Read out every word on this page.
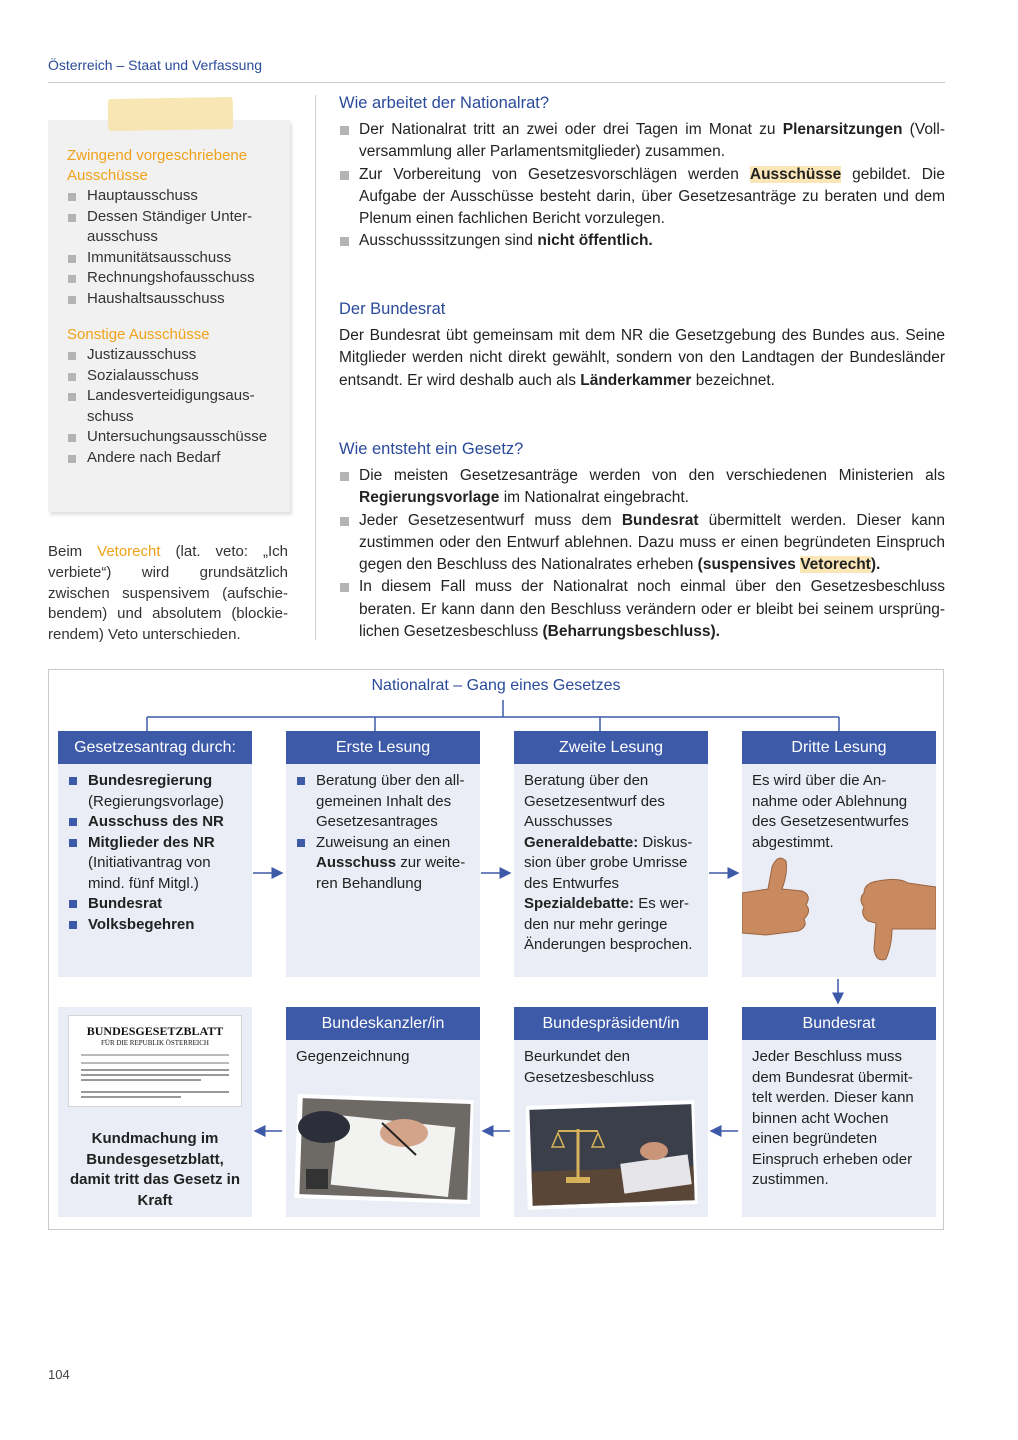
Österreich – Staat und Verfassung
Zwingend vorgeschriebene Ausschüsse
Hauptausschuss
Dessen Ständiger Unterausschuss
Immunitätsausschuss
Rechnungshofausschuss
Haushaltsausschuss
Sonstige Ausschüsse
Justizausschuss
Sozialausschuss
Landesverteidigungsausschuss
Untersuchungsausschüsse
Andere nach Bedarf
Beim Vetorecht (lat. veto: „Ich verbiete“) wird grundsätzlich zwischen suspensivem (aufschiebendem) und absolutem (blockierendem) Veto unterschieden.
Wie arbeitet der Nationalrat?
Der Nationalrat tritt an zwei oder drei Tagen im Monat zu Plenarsitzungen (Vollversammlung aller Parlamentsmitglieder) zusammen.
Zur Vorbereitung von Gesetzesvorschlägen werden Ausschüsse gebildet. Die Aufgabe der Ausschüsse besteht darin, über Gesetzesanträge zu beraten und dem Plenum einen fachlichen Bericht vorzulegen.
Ausschusssitzungen sind nicht öffentlich.
Der Bundesrat

Der Bundesrat übt gemeinsam mit dem NR die Gesetzgebung des Bundes aus. Seine Mitglieder werden nicht direkt gewählt, sondern von den Landtagen der Bundesländer entsandt. Er wird deshalb auch als Länderkammer bezeichnet.

Wie entsteht ein Gesetz?
Die meisten Gesetzesanträge werden von den verschiedenen Ministerien als Regierungsvorlage im Nationalrat eingebracht.
Jeder Gesetzesentwurf muss dem Bundesrat übermittelt werden. Dieser kann zustimmen oder den Entwurf ablehnen. Dazu muss er einen begründeten Einspruch gegen den Beschluss des Nationalrates erheben (suspensives Vetorecht).
In diesem Fall muss der Nationalrat noch einmal über den Gesetzesbeschluss beraten. Er kann dann den Beschluss verändern oder er bleibt bei seinem ursprünglichen Gesetzesbeschluss (Beharrungsbeschluss).
Nationalrat – Gang eines Gesetzes
Gesetzesantrag durch:
Bundesregierung (Regierungsvorlage)
Ausschuss des NR
Mitglieder des NR (Initiativantrag von mind. fünf Mitgl.)
Bundesrat
Volksbegehren
Erste Lesung
Beratung über den allgemeinen Inhalt des Gesetzesantrages
Zuweisung an einen Ausschuss zur weiteren Behandlung
Zweite Lesung
Beratung über den Gesetzesentwurf des Ausschusses
Generaldebatte: Diskussion über grobe Umrisse des Entwurfes
Spezialdebatte: Es werden nur mehr geringe Änderungen besprochen.
Dritte Lesung
Es wird über die Annahme oder Ablehnung des Gesetzesentwurfes abgestimmt.
Bundesrat
Jeder Beschluss muss dem Bundesrat übermittelt werden. Dieser kann binnen acht Wochen einen begründeten Einspruch erheben oder zustimmen.
Bundespräsident/in
Beurkundet den Gesetzesbeschluss
Bundeskanzler/in
Gegenzeichnung
BUNDESGESETZBLATT
FÜR DIE REPUBLIK ÖSTERREICH
Kundmachung im Bundesgesetzblatt, damit tritt das Gesetz in Kraft
104
